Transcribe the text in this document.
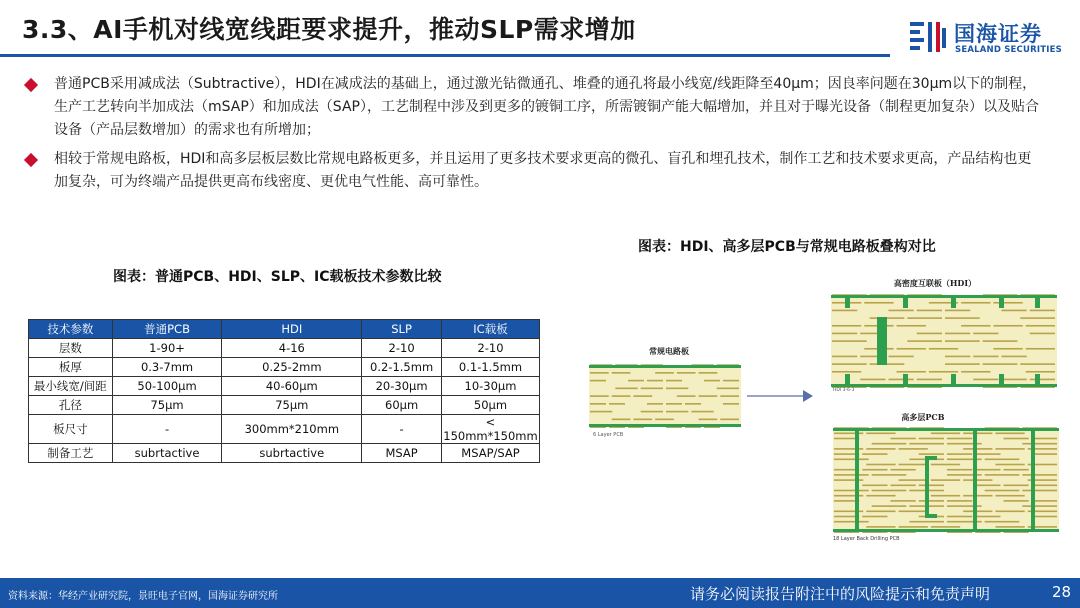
3.3、AI手机对线宽线距要求提升，推动SLP需求增加	国海证券
SEALAND SECURITIES
普通PCB采用减成法（Subtractive），HDI在减成法的基础上，通过激光钻微通孔、堆叠的通孔将最小线宽/线距降至40μm；因良率问题在30μm以下的制程，生产工艺转向半加成法（mSAP）和加成法（SAP），工艺制程中涉及到更多的镀铜工序，所需镀铜产能大幅增加，并且对于曝光设备（制程更加复杂）以及贴合设备（产品层数增加）的需求也有所增加；
相较于常规电路板，HDI和高多层板层数比常规电路板更多，并且运用了更多技术要求更高的微孔、盲孔和埋孔技术，制作工艺和技术要求更高，产品结构也更加复杂，可为终端产品提供更高布线密度、更优电气性能、高可靠性。
图表：HDI、高多层PCB与常规电路板叠构对比
图表：普通PCB、HDI、SLP、IC载板技术参数比较
技术参数	普通PCB	HDI	SLP	IC载板
层数	1-90+	4-16	2-10	2-10
板厚	0.3-7mm	0.25-2mm	0.2-1.5mm	0.1-1.5mm
最小线宽/间距	50-100μm	40-60μm	20-30μm	10-30μm
孔径	75μm	75μm	60μm	50μm
板尺寸	-	300mm*210mm	-	< 150mm*150mm
制备工艺	subrtactive	subrtactive	MSAP	MSAP/SAP
高密度互联板（HDI）
HDI 3-6-3
常规电路板
6 Layer PCB
高多层PCB
18 Layer Back Drilling PCB
资料来源：华经产业研究院，景旺电子官网，国海证券研究所	请务必阅读报告附注中的风险提示和免责声明	28
